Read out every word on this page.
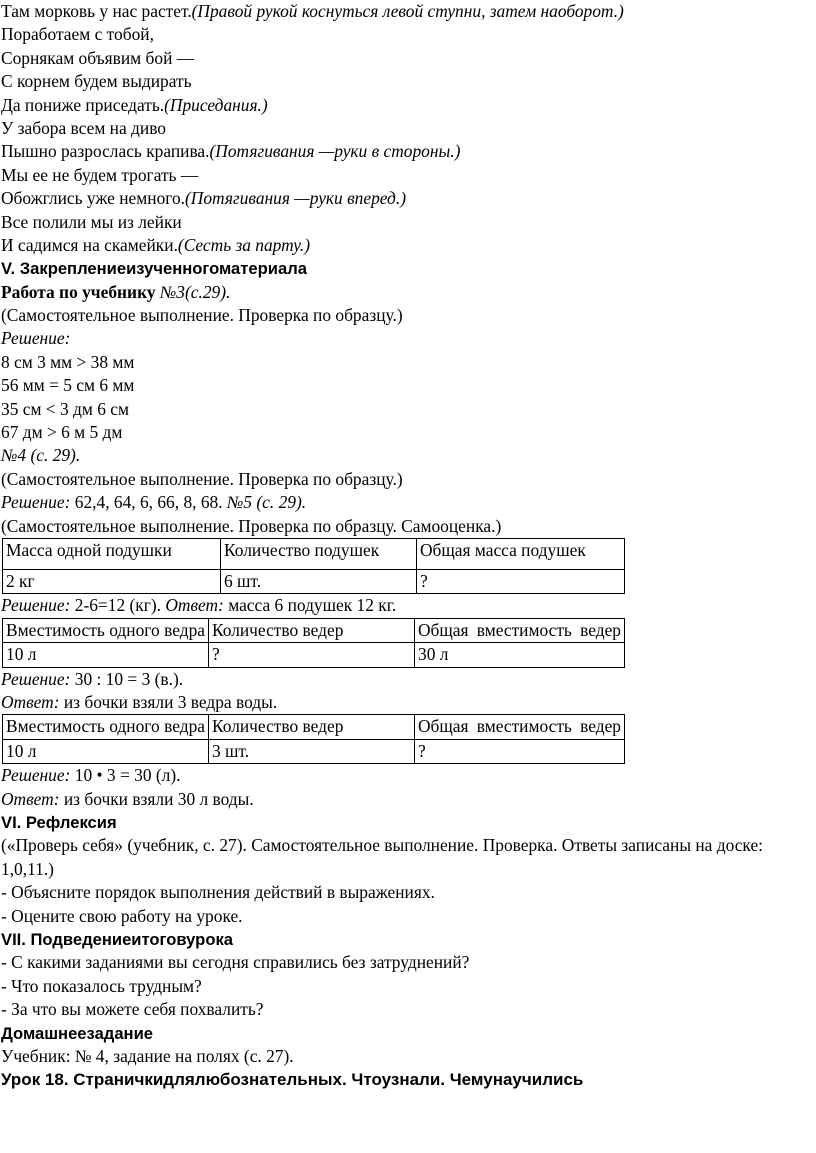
Там морковь у нас растет.(Правой рукой коснуться левой ступни, затем наоборот.)
Поработаем с тобой,
Сорнякам объявим бой —
С корнем будем выдирать
Да пониже приседать.(Приседания.)
У забора всем на диво
Пышно разрослась крапива.(Потягивания —руки в стороны.)
Мы ее не будем трогать —
Обожглись уже немного.(Потягивания —руки вперед.)
Все полили мы из лейки
И садимся на скамейки.(Сесть за парту.)
V. Закреплениеизученногоматериала
Работа по учебнику №3(с.29).
(Самостоятельное выполнение. Проверка по образцу.)
Решение:
8 см 3 мм > 38 мм
56 мм = 5 см 6 мм
35 см < 3 дм 6 см
67 дм > 6 м 5 дм
№4 (с. 29).
(Самостоятельное выполнение. Проверка по образцу.)
Решение: 62,4, 64, 6, 66, 8, 68. №5 (с. 29).
(Самостоятельное выполнение. Проверка по образцу. Самооценка.)
Масса одной подушки	Количество подушек	Общая масса подушек
2 кг	6 шт.	?
Решение: 2-6=12 (кг). Ответ: масса 6 подушек 12 кг.
Вместимость одного ведра	Количество ведер	Общая вместимость ведер

10 л	?	30 л
Решение: 30 : 10 = 3 (в.).
Ответ: из бочки взяли 3 ведра воды.
Вместимость одного ведра	Количество ведер	Общая вместимость ведер

10 л	3 шт.	?
Решение: 10 • 3 = 30 (л).
Ответ: из бочки взяли 30 л воды.
VI. Рефлексия
(«Проверь себя» (учебник, с. 27). Самостоятельное выполнение. Проверка. Ответы записаны на доске: 1,0,11.)
- Объясните порядок выполнения действий в выражениях.
- Оцените свою работу на уроке.
VII. Подведениеитоговурока
- С какими заданиями вы сегодня справились без затруднений?
- Что показалось трудным?
- За что вы можете себя похвалить?
Домашнеезадание
Учебник: № 4, задание на полях (с. 27).
Урок 18. Страничкидлялюбознательных. Чтоузнали. Чемунаучились
